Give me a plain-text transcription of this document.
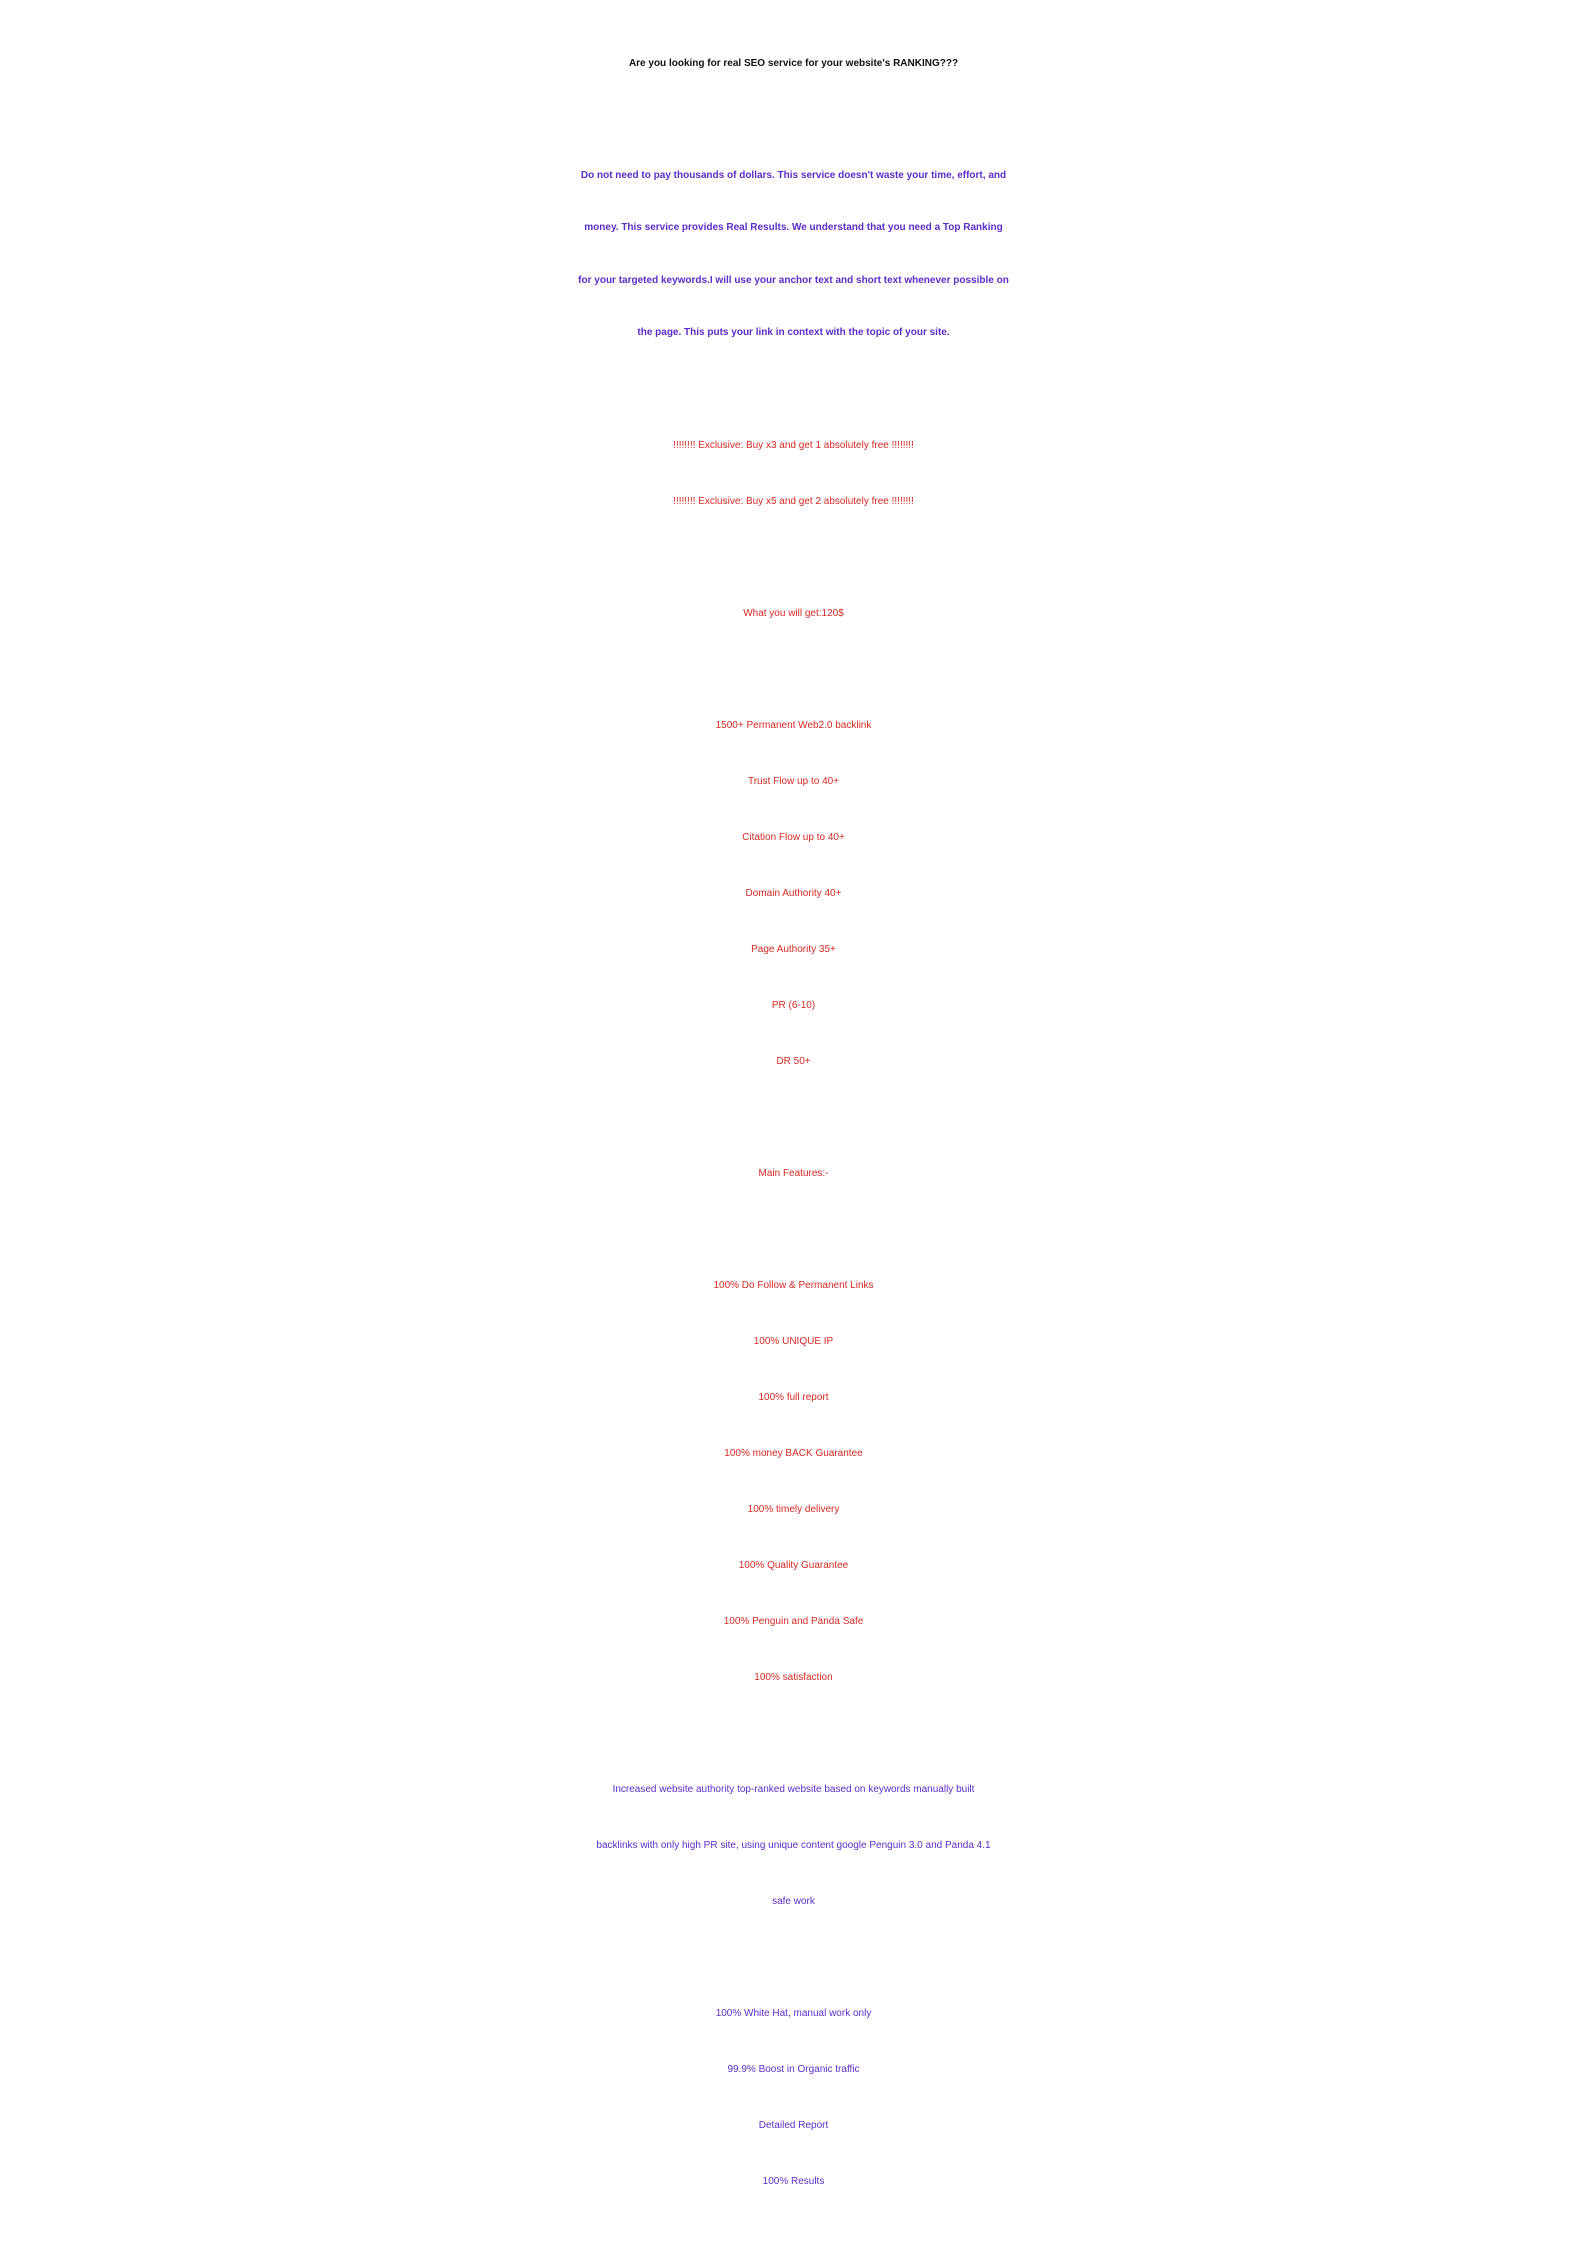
Are you looking for real SEO service for your website's RANKING???

Do not need to pay thousands of dollars. This service doesn't waste your time, effort, and

money. This service provides Real Results. We understand that you need a Top Ranking

for your targeted keywords.I will use your anchor text and short text whenever possible on

the page. This puts your link in context with the topic of your site.

!!!!!!!! Exclusive: Buy x3 and get 1 absolutely free !!!!!!!!

!!!!!!!! Exclusive: Buy x5 and get 2 absolutely free !!!!!!!!

What you will get:120$

1500+ Permanent Web2.0 backlink

Trust Flow up to 40+

Citation Flow up to 40+

Domain Authority 40+

Page Authority 35+

PR (6-10)

DR 50+

Main Features:-

100% Do Follow & Permanent Links

100% UNIQUE IP

100% full report

100% money BACK Guarantee

100% timely delivery

100% Quality Guarantee

100% Penguin and Panda Safe

100% satisfaction

Increased website authority top-ranked website based on keywords manually built

backlinks with only high PR site, using unique content google Penguin 3.0 and Panda 4.1

safe work

100% White Hat, manual work only

99.9% Boost in Organic traffic

Detailed Report

100% Results
